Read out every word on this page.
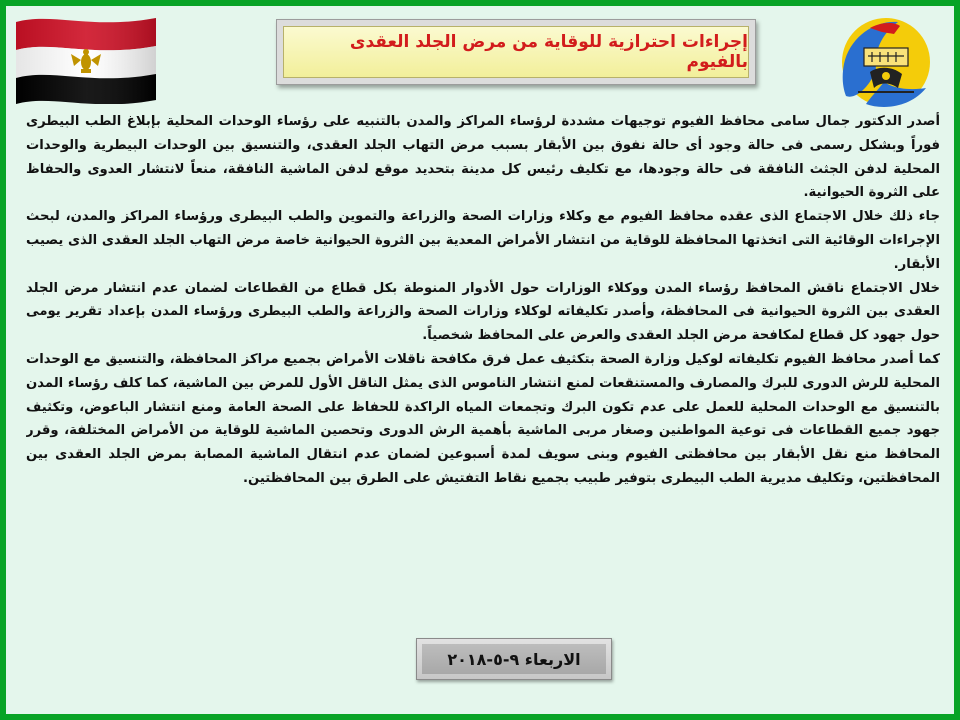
إجراءات احترازية للوقاية من مرض الجلد العقدى بالفيوم

أصدر الدكتور جمال سامى محافظ الفيوم توجيهات مشددة لرؤساء المراكز والمدن بالتنبيه على رؤساء الوحدات المحلية بإبلاغ الطب البيطرى فوراً وبشكل رسمى فى حالة وجود أى حالة نفوق بين الأبقار بسبب مرض التهاب الجلد العقدى، والتنسيق بين الوحدات البيطرية والوحدات المحلية لدفن الجثث النافقة فى حالة وجودها، مع تكليف رئيس كل مدينة بتحديد موقع لدفن الماشية النافقة، منعاً لانتشار العدوى والحفاظ على الثروة الحيوانية.

جاء ذلك خلال الاجتماع الذى عقده محافظ الفيوم مع وكلاء وزارات الصحة والزراعة والتموين والطب البيطرى ورؤساء المراكز والمدن، لبحث الإجراءات الوقائية التى اتخذتها المحافظة للوقاية من انتشار الأمراض المعدية بين الثروة الحيوانية خاصة مرض التهاب الجلد العقدى الذى يصيب الأبقار.

خلال الاجتماع ناقش المحافظ رؤساء المدن ووكلاء الوزارات حول الأدوار المنوطة بكل قطاع من القطاعات لضمان عدم انتشار مرض الجلد العقدى بين الثروة الحيوانية فى المحافظة، وأصدر تكليفاته لوكلاء وزارات الصحة والزراعة والطب البيطرى ورؤساء المدن بإعداد تقرير يومى حول جهود كل قطاع لمكافحة مرض الجلد العقدى والعرض على المحافظ شخصياً.

كما أصدر محافظ الفيوم تكليفاته لوكيل وزارة الصحة بتكثيف عمل فرق مكافحة ناقلات الأمراض بجميع مراكز المحافظة، والتنسيق مع الوحدات المحلية للرش الدورى للبرك والمصارف والمستنقعات لمنع انتشار الناموس الذى يمثل الناقل الأول للمرض بين الماشية، كما كلف رؤساء المدن بالتنسيق مع الوحدات المحلية للعمل على عدم تكون البرك وتجمعات المياه الراكدة للحفاظ على الصحة العامة ومنع انتشار الباعوض، وتكثيف جهود جميع القطاعات فى توعية المواطنين وصغار مربى الماشية بأهمية الرش الدورى وتحصين الماشية للوقاية من الأمراض المختلفة، وقرر المحافظ منع نقل الأبقار بين محافظتى الفيوم وبنى سويف لمدة أسبوعين لضمان عدم انتقال الماشية المصابة بمرض الجلد العقدى بين المحافظتين، وتكليف مديرية الطب البيطرى بتوفير طبيب بجميع نقاط التفتيش على الطرق بين المحافظتين.

الاربعاء ٩-٥-٢٠١٨
